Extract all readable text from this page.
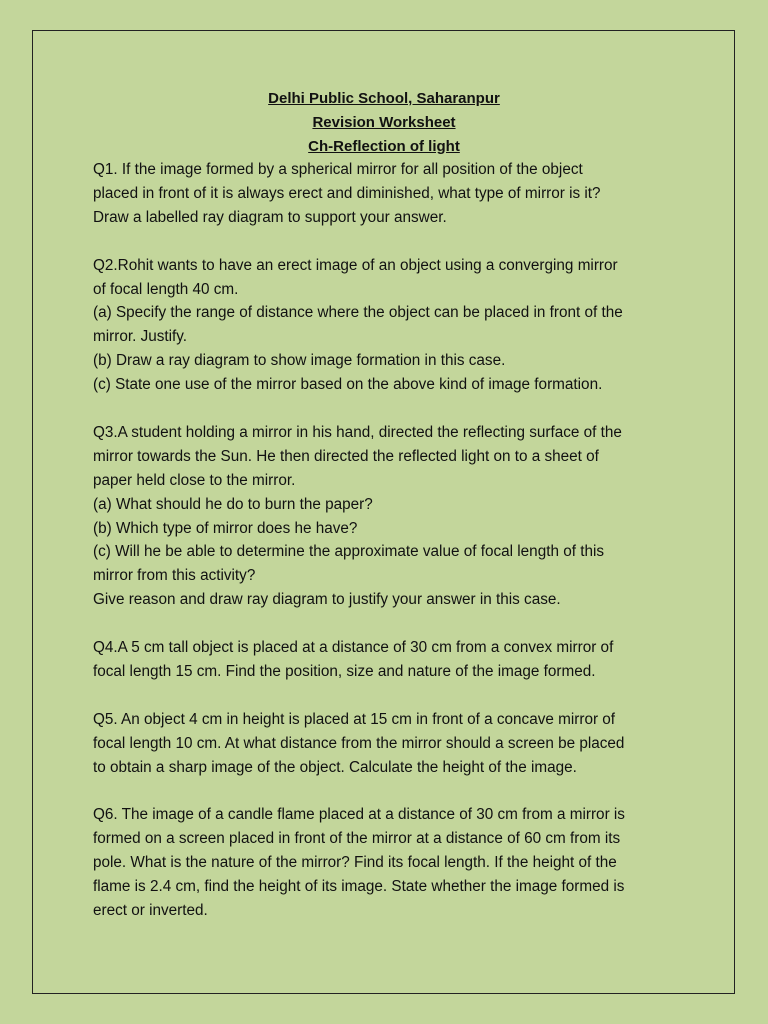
Delhi Public School, Saharanpur
Revision Worksheet
Ch-Reflection of light

Q1. If the image formed by a spherical mirror for all position of the object

placed in front of it is always erect and diminished, what type of mirror is it?

Draw a labelled ray diagram to support your answer.

Q2.Rohit wants to have an erect image of an object using a converging mirror

of focal length 40 cm.

(a) Specify the range of distance where the object can be placed in front of the

mirror. Justify.

(b) Draw a ray diagram to show image formation in this case.

(c) State one use of the mirror based on the above kind of image formation.

Q3.A student holding a mirror in his hand, directed the reflecting surface of the

mirror towards the Sun. He then directed the reflected light on to a sheet of

paper held close to the mirror.

(a) What should he do to burn the paper?

(b) Which type of mirror does he have?

(c) Will he be able to determine the approximate value of focal length of this

mirror from this activity?

Give reason and draw ray diagram to justify your answer in this case.

Q4.A 5 cm tall object is placed at a distance of 30 cm from a convex mirror of

focal length 15 cm. Find the position, size and nature of the image formed.

Q5. An object 4 cm in height is placed at 15 cm in front of a concave mirror of

focal length 10 cm. At what distance from the mirror should a screen be placed

to obtain a sharp image of the object. Calculate the height of the image.

Q6. The image of a candle flame placed at a distance of 30 cm from a mirror is

formed on a screen placed in front of the mirror at a distance of 60 cm from its

pole. What is the nature of the mirror? Find its focal length. If the height of the

flame is 2.4 cm, find the height of its image. State whether the image formed is

erect or inverted.
